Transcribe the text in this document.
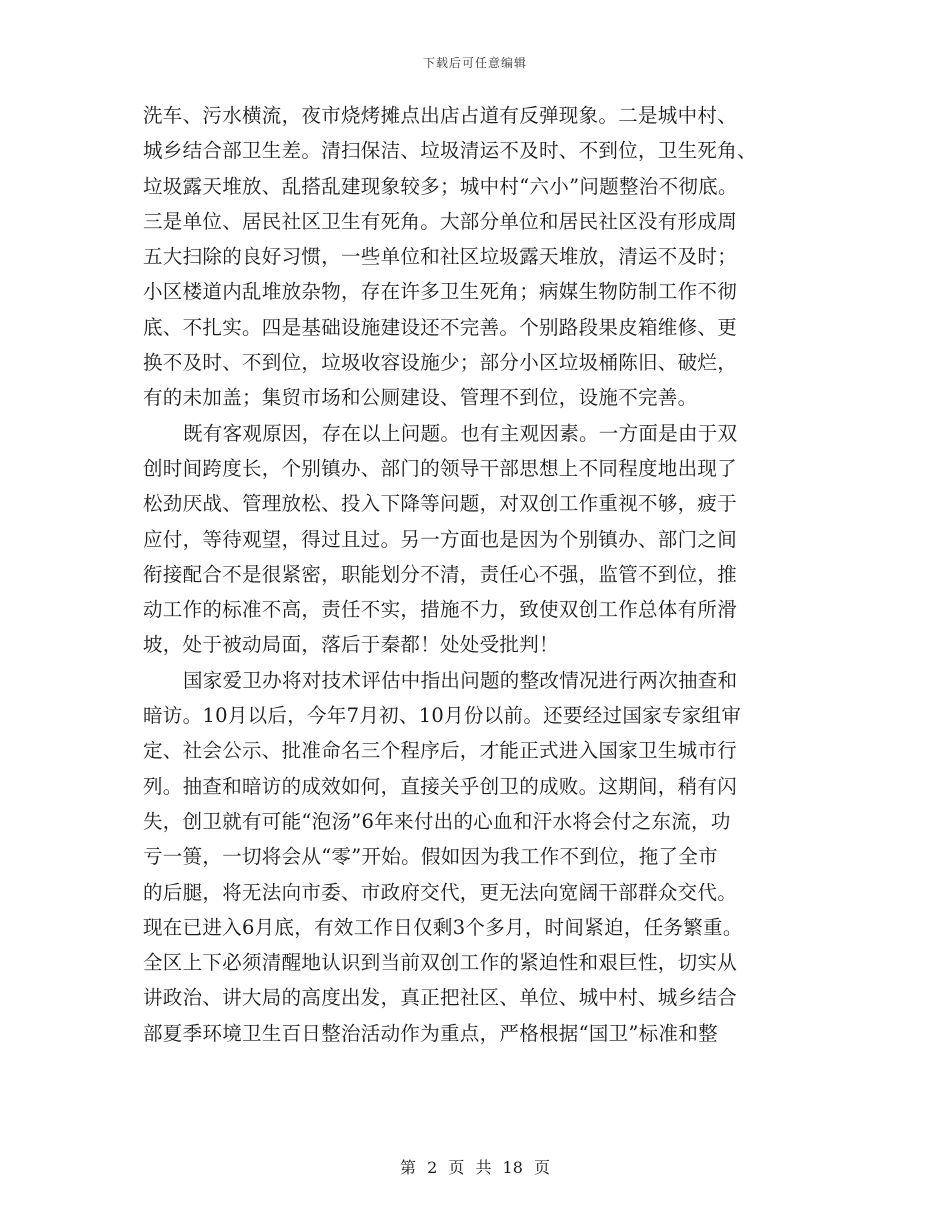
下载后可任意编辑
洗车、污水横流，夜市烧烤摊点出店占道有反弹现象。二是城中村、
城乡结合部卫生差。清扫保洁、垃圾清运不及时、不到位，卫生死角、
垃圾露天堆放、乱搭乱建现象较多；城中村“六小”问题整治不彻底。
三是单位、居民社区卫生有死角。大部分单位和居民社区没有形成周
五大扫除的良好习惯，一些单位和社区垃圾露天堆放，清运不及时；
小区楼道内乱堆放杂物，存在许多卫生死角；病媒生物防制工作不彻
底、不扎实。四是基础设施建设还不完善。个别路段果皮箱维修、更
换不及时、不到位，垃圾收容设施少；部分小区垃圾桶陈旧、破烂，
有的未加盖；集贸市场和公厕建设、管理不到位，设施不完善。
既有客观原因，存在以上问题。也有主观因素。一方面是由于双
创时间跨度长，个别镇办、部门的领导干部思想上不同程度地出现了
松劲厌战、管理放松、投入下降等问题，对双创工作重视不够，疲于
应付，等待观望，得过且过。另一方面也是因为个别镇办、部门之间
衔接配合不是很紧密，职能划分不清，责任心不强，监管不到位，推
动工作的标准不高，责任不实，措施不力，致使双创工作总体有所滑
坡，处于被动局面，落后于秦都！处处受批判！
国家爱卫办将对技术评估中指出问题的整改情况进行两次抽查和
暗访。10月以后，今年7月初、10月份以前。还要经过国家专家组审
定、社会公示、批准命名三个程序后，才能正式进入国家卫生城市行
列。抽查和暗访的成效如何，直接关乎创卫的成败。这期间，稍有闪
失，创卫就有可能“泡汤”6年来付出的心血和汗水将会付之东流，功
亏一篑，一切将会从“零”开始。假如因为我工作不到位，拖了全市
的后腿，将无法向市委、市政府交代，更无法向宽阔干部群众交代。
现在已进入6月底，有效工作日仅剩3个多月，时间紧迫，任务繁重。
全区上下必须清醒地认识到当前双创工作的紧迫性和艰巨性，切实从
讲政治、讲大局的高度出发，真正把社区、单位、城中村、城乡结合
部夏季环境卫生百日整治活动作为重点，严格根据“国卫”标准和整
第 2 页 共 18 页
